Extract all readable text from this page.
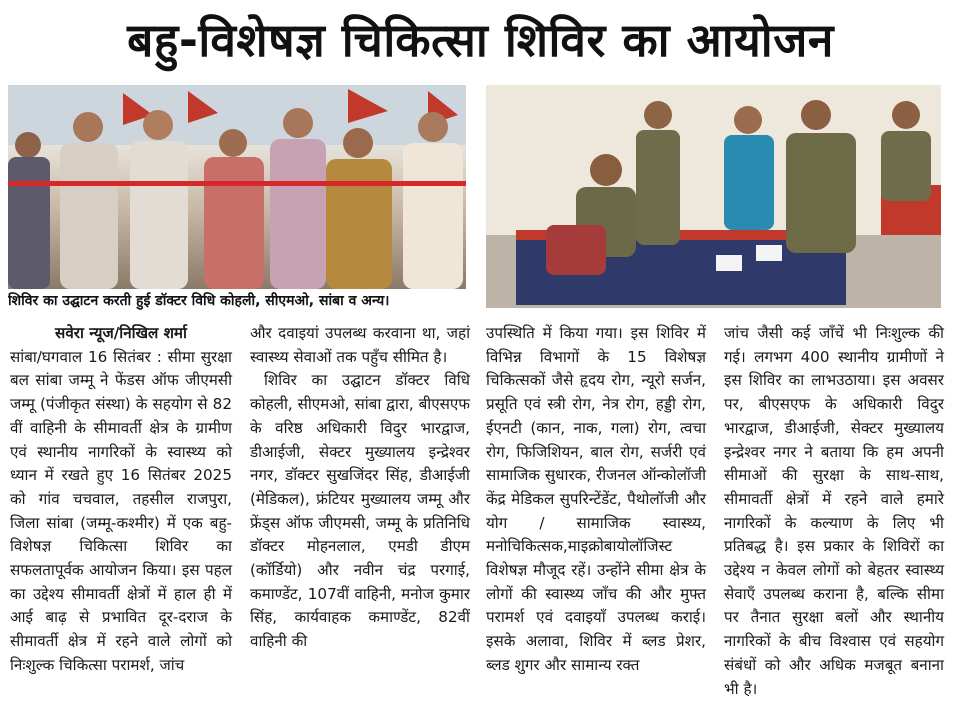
बहु-विशेषज्ञ चिकित्सा शिविर का आयोजन
शिविर का उद्घाटन करती हुई डॉक्टर विधि कोहली, सीएमओ, सांबा व अन्य।
सवेरा न्यूज/निखिल शर्मा

सांबा/घगवाल 16 सितंबर : सीमा सुरक्षा बल सांबा जम्मू ने फेंडस ऑफ जीएमसी जम्मू (पंजीकृत संस्था) के सहयोग से 82 वीं वाहिनी के सीमावर्ती क्षेत्र के ग्रामीण एवं स्थानीय नागरिकों के स्वास्थ्य को ध्यान में रखते हुए 16 सितंबर 2025 को गांव चचवाल, तहसील राजपुरा, जिला सांबा (जम्मू-कश्मीर) में एक बहु-विशेषज्ञ चिकित्सा शिविर का सफलतापूर्वक आयोजन किया। इस पहल का उद्देश्य सीमावर्ती क्षेत्रों में हाल ही में आई बाढ़ से प्रभावित दूर-दराज के सीमावर्ती क्षेत्र में रहने वाले लोगों को निःशुल्क चिकित्सा परामर्श, जांच

और दवाइयां उपलब्ध करवाना था, जहां स्वास्थ्य सेवाओं तक पहुँच सीमित है।

शिविर का उद्घाटन डॉक्टर विधि कोहली, सीएमओ, सांबा द्वारा, बीएसएफ के वरिष्ठ अधिकारी विदुर भारद्वाज, डीआईजी, सेक्टर मुख्यालय इन्द्रेश्वर नगर, डॉक्टर सुखजिंदर सिंह, डीआईजी (मेडिकल), फ्रंटियर मुख्यालय जम्मू और फ्रेंड्स ऑफ जीएमसी, जम्मू के प्रतिनिधि डॉक्टर मोहनलाल, एमडी डीएम (कॉर्डियो) और नवीन चंद्र परगाई, कमाण्डेंट, 107वीं वाहिनी, मनोज कुमार सिंह, कार्यवाहक कमाण्डेंट, 82वीं वाहिनी की

उपस्थिति में किया गया। इस शिविर में विभिन्न विभागों के 15 विशेषज्ञ चिकित्सकों जैसे हृदय रोग, न्यूरो सर्जन, प्रसूति एवं स्त्री रोग, नेत्र रोग, हड्डी रोग, ईएनटी (कान, नाक, गला) रोग, त्वचा रोग, फिजिशियन, बाल रोग, सर्जरी एवं सामाजिक सुधारक, रीजनल ऑन्कोलॉजी केंद्र मेडिकल सुपरिन्टेंडेंट, पैथोलॉजी और योग / सामाजिक स्वास्थ्य, मनोचिकित्सक,माइक्रोबायोलॉजिस्ट विशेषज्ञ मौजूद रहें। उन्होंने सीमा क्षेत्र के लोगों की स्वास्थ्य जाँच की और मुफ्त परामर्श एवं दवाइयाँ उपलब्ध कराई। इसके अलावा, शिविर में ब्लड प्रेशर, ब्लड शुगर और सामान्य रक्त

जांच जैसी कई जाँचें भी निःशुल्क की गई। लगभग 400 स्थानीय ग्रामीणों ने इस शिविर का लाभउठाया। इस अवसर पर, बीएसएफ के अधिकारी विदुर भारद्वाज, डीआईजी, सेक्टर मुख्यालय इन्द्रेश्वर नगर ने बताया कि हम अपनी सीमाओं की सुरक्षा के साथ-साथ, सीमावर्ती क्षेत्रों में रहने वाले हमारे नागरिकों के कल्याण के लिए भी प्रतिबद्ध है। इस प्रकार के शिविरों का उद्देश्य न केवल लोगों को बेहतर स्वास्थ्य सेवाएँ उपलब्ध कराना है, बल्कि सीमा पर तैनात सुरक्षा बलों और स्थानीय नागरिकों के बीच विश्वास एवं सहयोग संबंधों को और अधिक मजबूत बनाना भी है।
